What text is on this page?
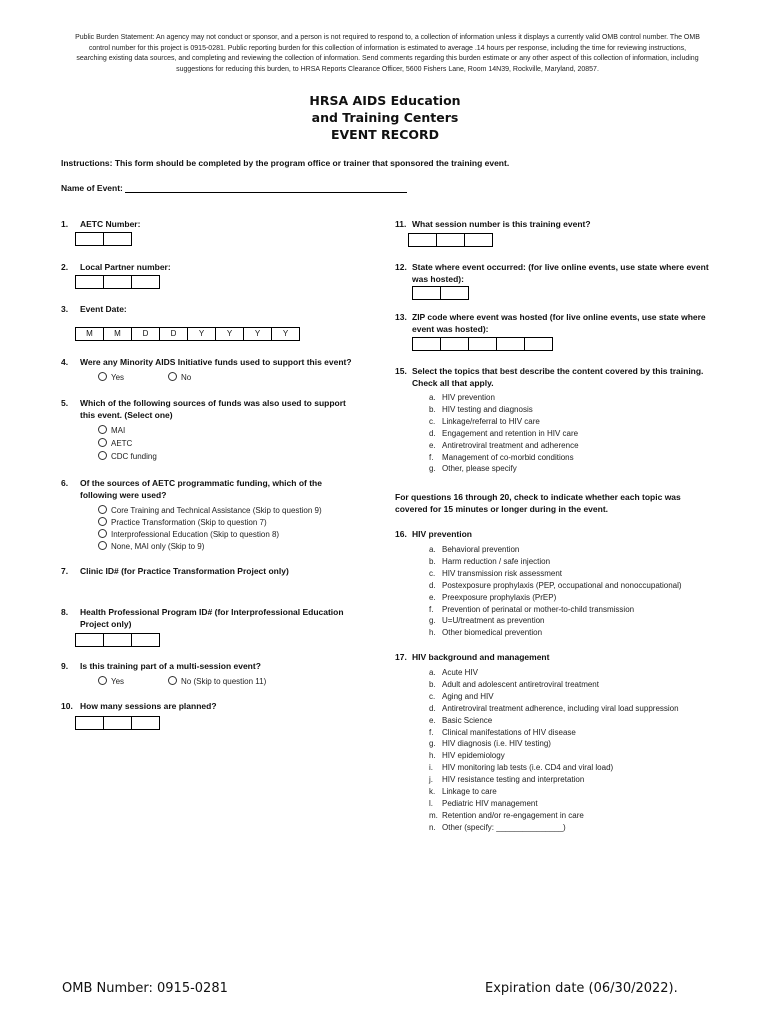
Public Burden Statement: An agency may not conduct or sponsor, and a person is not required to respond to, a collection of information unless it displays a currently valid OMB control number. The OMB control number for this project is 0915-0281. Public reporting burden for this collection of information is estimated to average .14 hours per response, including the time for reviewing instructions, searching existing data sources, and completing and reviewing the collection of information. Send comments regarding this burden estimate or any other aspect of this collection of information, including suggestions for reducing this burden, to HRSA Reports Clearance Officer, 5600 Fishers Lane, Room 14N39, Rockville, Maryland, 20857.
HRSA AIDS Education
and Training Centers
EVENT RECORD
Instructions: This form should be completed by the program office or trainer that sponsored the training event.
Name of Event:
1.	AETC Number:
2.	Local Partner number:
3.	Event Date:
M	M	D	D	Y	Y	Y	Y
4.	Were any Minority AIDS Initiative funds used to support this event?
Yes	No
5.	Which of the following sources of funds was also used to support this event. (Select one)
MAI
AETC
CDC funding
6.	Of the sources of AETC programmatic funding, which of the following were used?
Core Training and Technical Assistance (Skip to question 9)
Practice Transformation (Skip to question 7)
Interprofessional Education (Skip to question 8)
None, MAI only (Skip to 9)
7.	Clinic ID# (for Practice Transformation Project only)
8.	Health Professional Program ID# (for Interprofessional Education Project only)
9.	Is this training part of a multi-session event?
Yes	No (Skip to question 11)
10. How many sessions are planned?
11. What session number is this training event?
12. State where event occurred: (for live online events, use state where event was hosted):
13. ZIP code where event was hosted (for live online events, use state where event was hosted):
15. Select the topics that best describe the content covered by this training. Check all that apply.
a. HIV prevention
b. HIV testing and diagnosis
c. Linkage/referral to HIV care
d. Engagement and retention in HIV care
e. Antiretroviral treatment and adherence
f. Management of co-morbid conditions
g. Other, please specify
For questions 16 through 20, check to indicate whether each topic was covered for 15 minutes or longer during in the event.
16. HIV prevention
a. Behavioral prevention
b. Harm reduction / safe injection
c. HIV transmission risk assessment
d. Postexposure prophylaxis (PEP, occupational and nonoccupational)
e. Preexposure prophylaxis (PrEP)
f. Prevention of perinatal or mother-to-child transmission
g. U=U/treatment as prevention
h. Other biomedical prevention
17. HIV background and management
a. Acute HIV
b. Adult and adolescent antiretroviral treatment
c. Aging and HIV
d. Antiretroviral treatment adherence, including viral load suppression
e. Basic Science
f. Clinical manifestations of HIV disease
g. HIV diagnosis (i.e. HIV testing)
h. HIV epidemiology
i. HIV monitoring lab tests (i.e. CD4 and viral load)
j. HIV resistance testing and interpretation
k. Linkage to care
l. Pediatric HIV management
m. Retention and/or re-engagement in care
n. Other (specify: _______________)
OMB Number: 0915-0281	Expiration date (06/30/2022).
